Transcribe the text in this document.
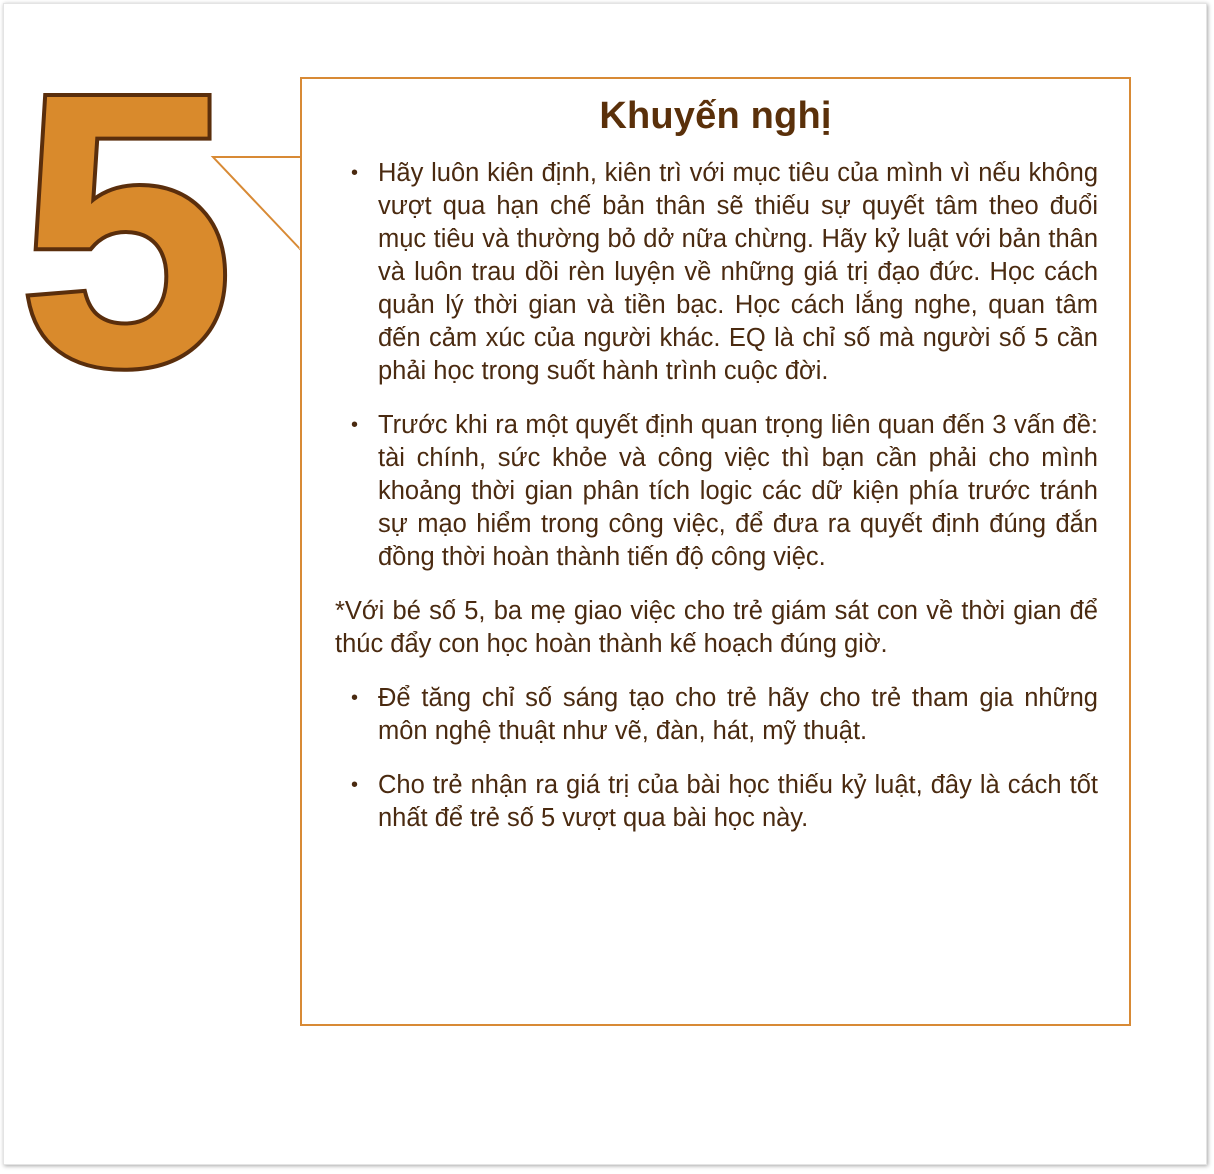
5	Khuyến nghị
• Hãy luôn kiên định, kiên trì với mục tiêu của mình vì nếu không vượt qua hạn chế bản thân sẽ thiếu sự quyết tâm theo đuổi mục tiêu và thường bỏ dở nữa chừng. Hãy kỷ luật với bản thân và luôn trau dồi rèn luyện về những giá trị đạo đức. Học cách quản lý thời gian và tiền bạc. Học cách lắng nghe, quan tâm đến cảm xúc của người khác. EQ là chỉ số mà người số 5 cần phải học trong suốt hành trình cuộc đời.
• Trước khi ra một quyết định quan trọng liên quan đến 3 vấn đề: tài chính, sức khỏe và công việc thì bạn cần phải cho mình khoảng thời gian phân tích logic các dữ kiện phía trước tránh sự mạo hiểm trong công việc, để đưa ra quyết định đúng đắn đồng thời hoàn thành tiến độ công việc.
*Với bé số 5, ba mẹ giao việc cho trẻ giám sát con về thời gian để thúc đẩy con học hoàn thành kế hoạch đúng giờ.
• Để tăng chỉ số sáng tạo cho trẻ hãy cho trẻ tham gia những môn nghệ thuật như vẽ, đàn, hát, mỹ thuật.
• Cho trẻ nhận ra giá trị của bài học thiếu kỷ luật, đây là cách tốt nhất để trẻ số 5 vượt qua bài học này.
